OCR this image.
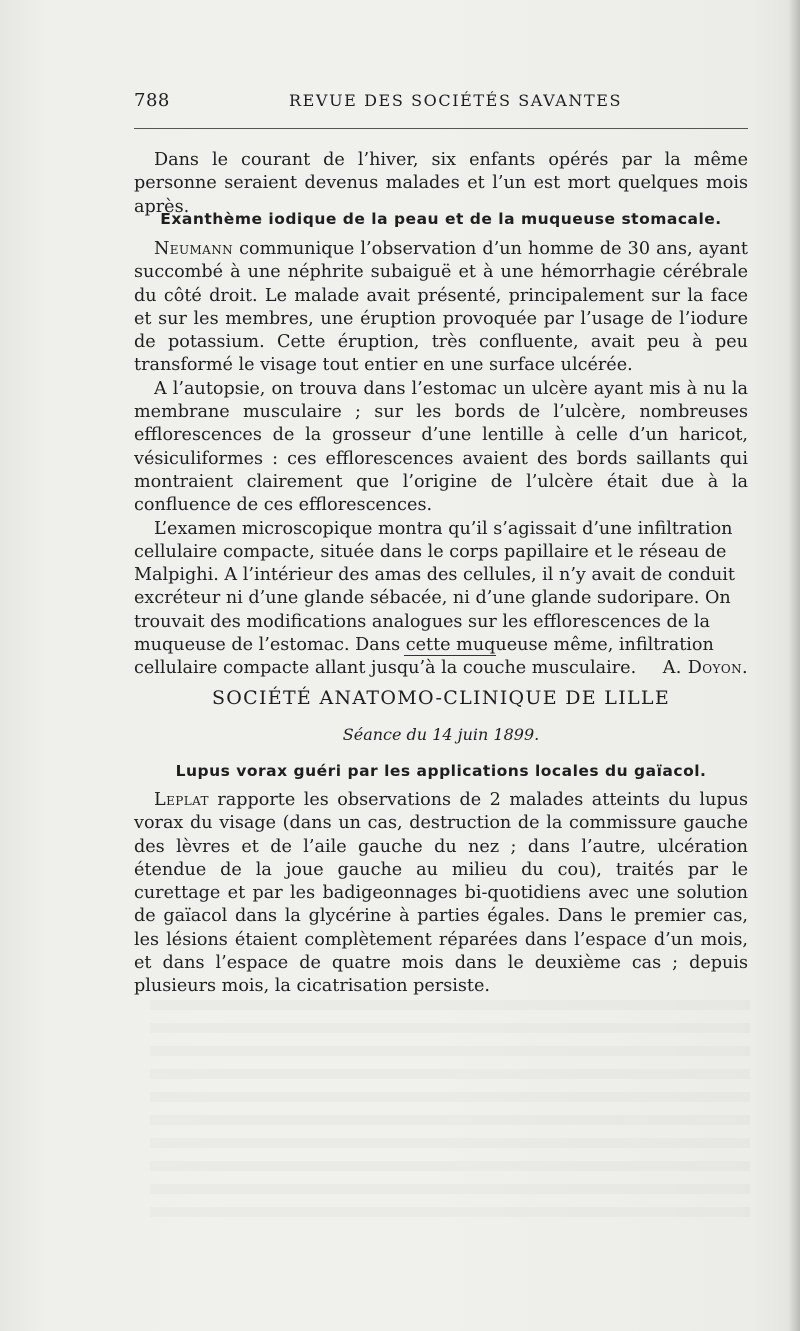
788	REVUE DES SOCIÉTÉS SAVANTES

Dans le courant de l’hiver, six enfants opérés par la même personne seraient devenus malades et l’un est mort quelques mois après.

Exanthème iodique de la peau et de la muqueuse stomacale.

Neumann communique l’observation d’un homme de 30 ans, ayant succombé à une néphrite subaiguë et à une hémorrhagie cérébrale du côté droit. Le malade avait présenté, principalement sur la face et sur les membres, une éruption provoquée par l’usage de l’iodure de potassium. Cette éruption, très confluente, avait peu à peu transformé le visage tout entier en une surface ulcérée.

A l’autopsie, on trouva dans l’estomac un ulcère ayant mis à nu la membrane musculaire ; sur les bords de l’ulcère, nombreuses efflorescences de la grosseur d’une lentille à celle d’un haricot, vésiculiformes : ces efflorescences avaient des bords saillants qui montraient clairement que l’origine de l’ulcère était due à la confluence de ces efflorescences.

L’examen microscopique montra qu’il s’agissait d’une infiltration cellulaire compacte, située dans le corps papillaire et le réseau de Malpighi. A l’intérieur des amas des cellules, il n’y avait de conduit excréteur ni d’une glande sébacée, ni d’une glande sudoripare. On trouvait des modifications analogues sur les efflorescences de la muqueuse de l’estomac. Dans cette muqueuse même, infiltration cellulaire compacte allant jusqu’à la couche musculaire.	A. Doyon.

SOCIÉTÉ ANATOMO-CLINIQUE DE LILLE
Séance du 14 juin 1899.
Lupus vorax guéri par les applications locales du gaïacol.

Leplat rapporte les observations de 2 malades atteints du lupus vorax du visage (dans un cas, destruction de la commissure gauche des lèvres et de l’aile gauche du nez ; dans l’autre, ulcération étendue de la joue gauche au milieu du cou), traités par le curettage et par les badigeonnages bi-quotidiens avec une solution de gaïacol dans la glycérine à parties égales. Dans le premier cas, les lésions étaient complètement réparées dans l’espace d’un mois, et dans l’espace de quatre mois dans le deuxième cas ; depuis plusieurs mois, la cicatrisation persiste.
